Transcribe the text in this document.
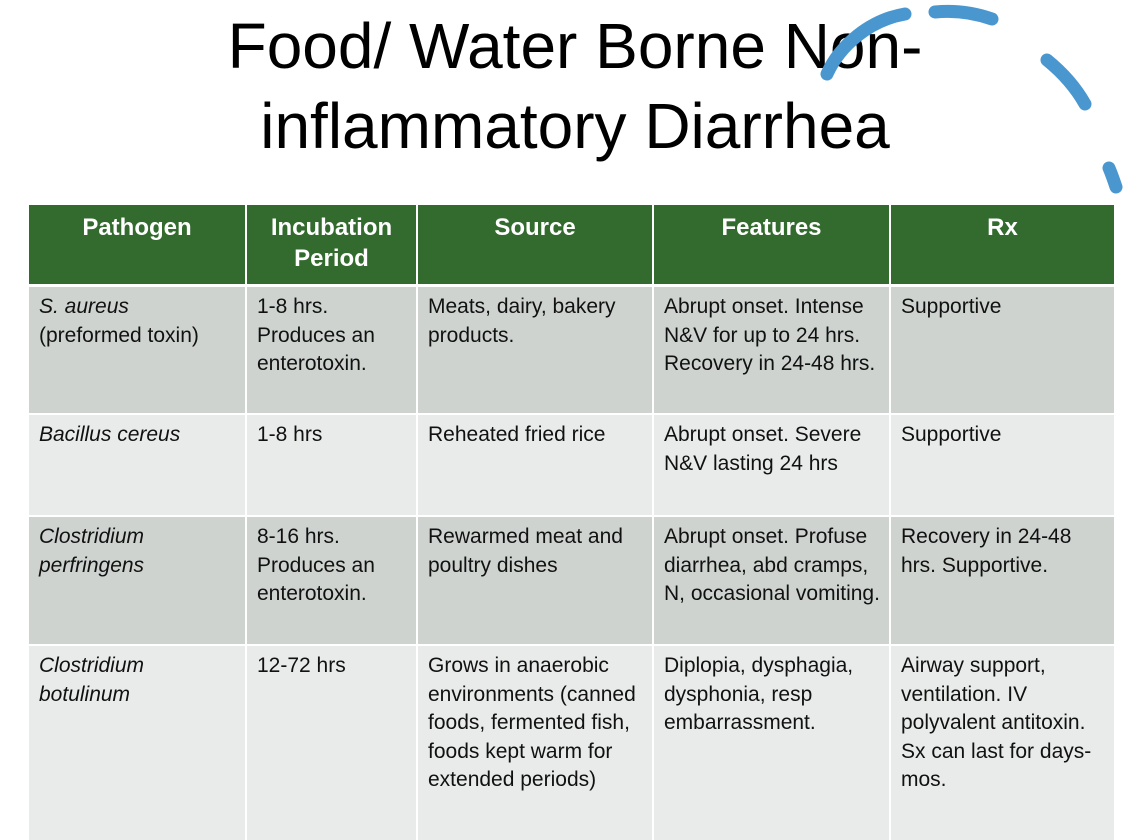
Food/ Water Borne Non-inflammatory Diarrhea
Pathogen	Incubation Period	Source	Features	Rx
S. aureus
(preformed toxin)	1-8 hrs. Produces an enterotoxin.	Meats, dairy, bakery products.	Abrupt onset. Intense N&V for up to 24 hrs. Recovery in 24-48 hrs.	Supportive
Bacillus cereus	1-8 hrs	Reheated fried rice	Abrupt onset. Severe N&V lasting 24 hrs	Supportive
Clostridium perfringens	8-16 hrs. Produces an enterotoxin.	Rewarmed meat and poultry dishes	Abrupt onset. Profuse diarrhea, abd cramps, N, occasional vomiting.	Recovery in 24-48 hrs. Supportive.
Clostridium botulinum	12-72 hrs	Grows in anaerobic environments (canned foods, fermented fish, foods kept warm for extended periods)	Diplopia, dysphagia, dysphonia, resp embarrassment.	Airway support, ventilation. IV polyvalent antitoxin. Sx can last for days-mos.
